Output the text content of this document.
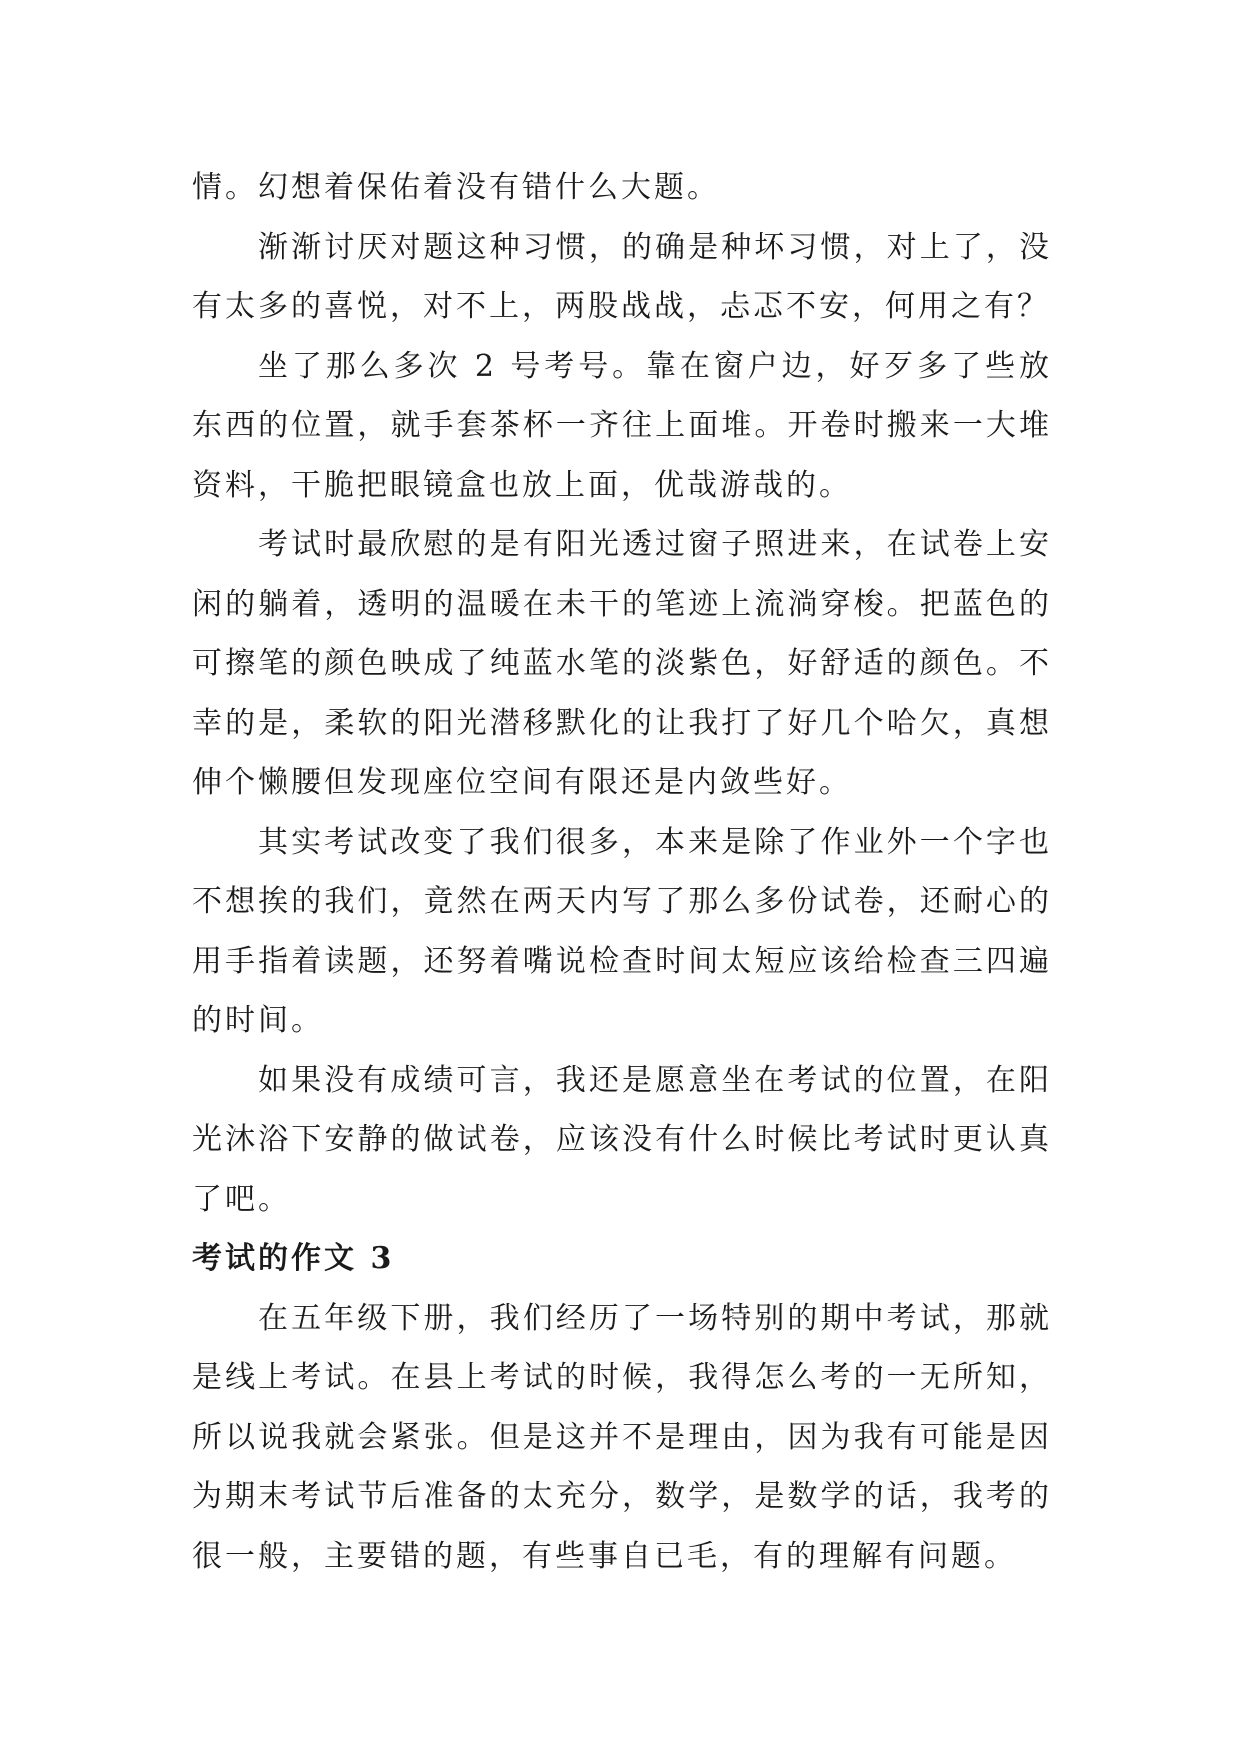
情。幻想着保佑着没有错什么大题。

渐渐讨厌对题这种习惯，的确是种坏习惯，对上了，没有太多的喜悦，对不上，两股战战，忐忑不安，何用之有？

坐了那么多次 2 号考号。靠在窗户边，好歹多了些放东西的位置，就手套茶杯一齐往上面堆。开卷时搬来一大堆资料，干脆把眼镜盒也放上面，优哉游哉的。

考试时最欣慰的是有阳光透过窗子照进来，在试卷上安闲的躺着，透明的温暖在未干的笔迹上流淌穿梭。把蓝色的可擦笔的颜色映成了纯蓝水笔的淡紫色，好舒适的颜色。不幸的是，柔软的阳光潜移默化的让我打了好几个哈欠，真想伸个懒腰但发现座位空间有限还是内敛些好。

其实考试改变了我们很多，本来是除了作业外一个字也不想挨的我们，竟然在两天内写了那么多份试卷，还耐心的用手指着读题，还努着嘴说检查时间太短应该给检查三四遍的时间。

如果没有成绩可言，我还是愿意坐在考试的位置，在阳光沐浴下安静的做试卷，应该没有什么时候比考试时更认真了吧。

考试的作文 3

在五年级下册，我们经历了一场特别的期中考试，那就是线上考试。在县上考试的时候，我得怎么考的一无所知，所以说我就会紧张。但是这并不是理由，因为我有可能是因为期末考试节后准备的太充分，数学，是数学的话，我考的很一般，主要错的题，有些事自已毛，有的理解有问题。
